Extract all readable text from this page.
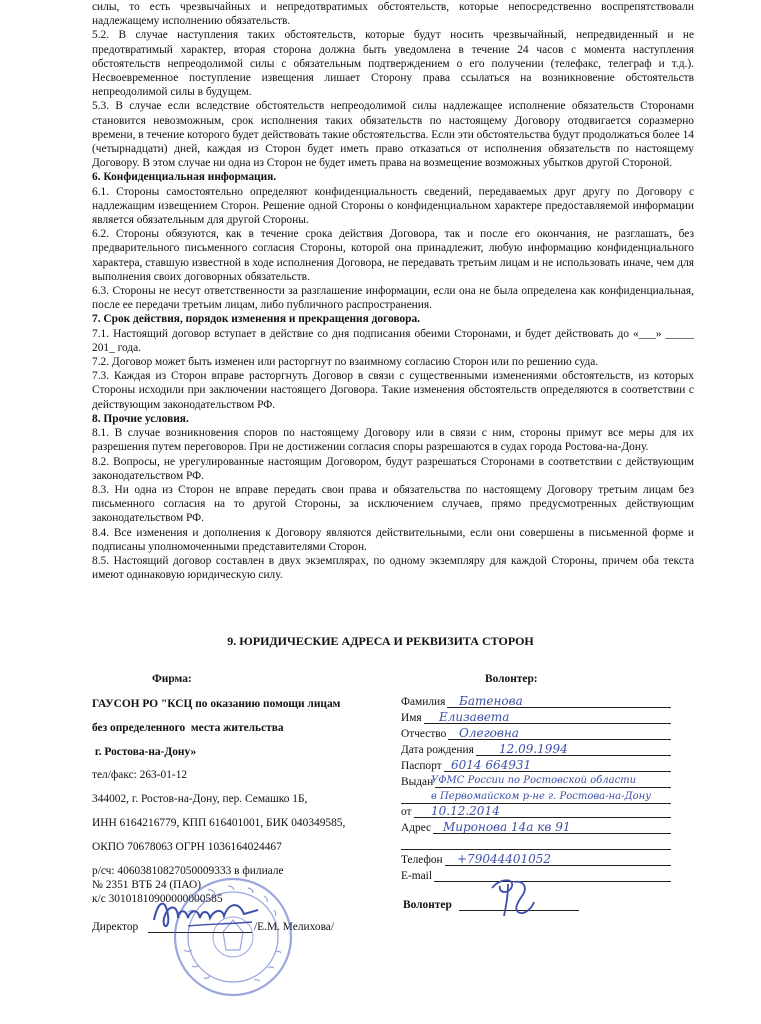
силы, то есть чрезвычайных и непредотвратимых обстоятельств, которые непосредственно воспрепятствовали надлежащему исполнению обязательств.

5.2. В случае наступления таких обстоятельств, которые будут носить чрезвычайный, непредвиденный и не предотвратимый характер, вторая сторона должна быть уведомлена в течение 24 часов с момента наступления обстоятельств непреодолимой силы с обязательным подтверждением о его получении (телефакс, телеграф и т.д.). Несвоевременное поступление извещения лишает Сторону права ссылаться на возникновение обстоятельств непреодолимой силы в будущем.

5.3. В случае если вследствие обстоятельств непреодолимой силы надлежащее исполнение обязательств Сторонами становится невозможным, срок исполнения таких обязательств по настоящему Договору отодвигается соразмерно времени, в течение которого будет действовать такие обстоятельства. Если эти обстоятельства будут продолжаться более 14 (четырнадцати) дней, каждая из Сторон будет иметь право отказаться от исполнения обязательств по настоящему Договору. В этом случае ни одна из Сторон не будет иметь права на возмещение возможных убытков другой Стороной.

6. Конфиденциальная информация.

6.1. Стороны самостоятельно определяют конфиденциальность сведений, передаваемых друг другу по Договору с надлежащим извещением Сторон. Решение одной Стороны о конфиденциальном характере предоставляемой информации является обязательным для другой Стороны.

6.2. Стороны обязуются, как в течение срока действия Договора, так и после его окончания, не разглашать, без предварительного письменного согласия Стороны, которой она принадлежит, любую информацию конфиденциального характера, ставшую известной в ходе исполнения Договора, не передавать третьим лицам и не использовать иначе, чем для выполнения своих договорных обязательств.

6.3. Стороны не несут ответственности за разглашение информации, если она не была определена как конфиденциальная, после ее передачи третьим лицам, либо публичного распространения.

7. Срок действия, порядок изменения и прекращения договора.

7.1. Настоящий договор вступает в действие со дня подписания обеими Сторонами, и будет действовать до «___» _____ 201_ года.

7.2. Договор может быть изменен или расторгнут по взаимному согласию Сторон или по решению суда.

7.3. Каждая из Сторон вправе расторгнуть Договор в связи с существенными изменениями обстоятельств, из которых Стороны исходили при заключении настоящего Договора. Такие изменения обстоятельств определяются в соответствии с действующим законодательством РФ.

8. Прочие условия.

8.1. В случае возникновения споров по настоящему Договору или в связи с ним, стороны примут все меры для их разрешения путем переговоров. При не достижении согласия споры разрешаются в судах города Ростова-на-Дону.

8.2. Вопросы, не урегулированные настоящим Договором, будут разрешаться Сторонами в соответствии с действующим законодательством РФ.

8.3. Ни одна из Сторон не вправе передать свои права и обязательства по настоящему Договору третьим лицам без письменного согласия на то другой Стороны, за исключением случаев, прямо предусмотренных действующим законодательством РФ.

8.4. Все изменения и дополнения к Договору являются действительными, если они совершены в письменной форме и подписаны уполномоченными представителями Сторон.

8.5. Настоящий договор составлен в двух экземплярах, по одному экземпляру для каждой Стороны, причем оба текста имеют одинаковую юридическую силу.

9. ЮРИДИЧЕСКИЕ АДРЕСА И РЕКВИЗИТА СТОРОН
Фирма:
ГАУСОН РО "КСЦ по оказанию помощи лицам
без определенного  места жительства
г. Ростова-на-Дону»
тел/факс: 263-01-12
344002, г. Ростов-на-Дону, пер. Семашко 1Б,
ИНН 6164216779, КПП 616401001, БИК 040349585,
ОКПО 70678063 ОГРН 1036164024467
р/сч: 40603810827050009333 в филиале
№ 2351 ВТБ 24 (ПАО)
к/с 30101810900000000585
Директор	/Е.М. Мелихова/
Волонтер:
Фамилия Батенова
Имя Елизавета
Отчество Олеговна
Дата рождения 12.09.1994
Паспорт 6014 664931
Выдан
УФМС России по Ростовской области
в Первомайском р-не г. Ростова-на-Дону
от 10.12.2014
Адрес Миронова 14а кв 91
Телефон +79044401052
E-mail
Волонтер
